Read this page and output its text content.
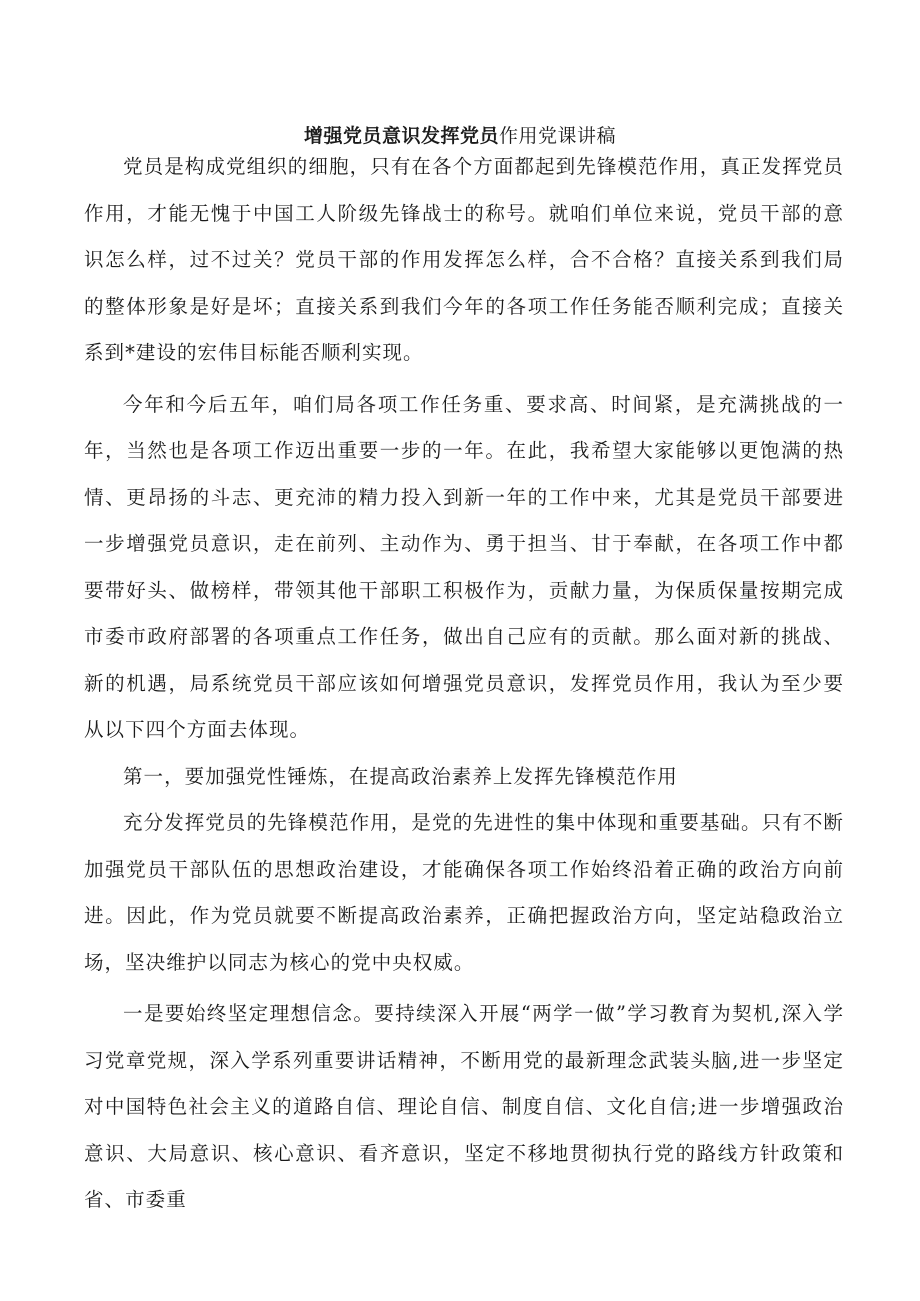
增强党员意识发挥党员作用党课讲稿

党员是构成党组织的细胞，只有在各个方面都起到先锋模范作用，真正发挥党员作用，才能无愧于中国工人阶级先锋战士的称号。就咱们单位来说，党员干部的意识怎么样，过不过关？党员干部的作用发挥怎么样，合不合格？直接关系到我们局的整体形象是好是坏；直接关系到我们今年的各项工作任务能否顺利完成；直接关系到*建设的宏伟目标能否顺利实现。

今年和今后五年，咱们局各项工作任务重、要求高、时间紧，是充满挑战的一年，当然也是各项工作迈出重要一步的一年。在此，我希望大家能够以更饱满的热情、更昂扬的斗志、更充沛的精力投入到新一年的工作中来，尤其是党员干部要进一步增强党员意识，走在前列、主动作为、勇于担当、甘于奉献，在各项工作中都要带好头、做榜样，带领其他干部职工积极作为，贡献力量，为保质保量按期完成市委市政府部署的各项重点工作任务，做出自己应有的贡献。那么面对新的挑战、新的机遇，局系统党员干部应该如何增强党员意识，发挥党员作用，我认为至少要从以下四个方面去体现。

第一，要加强党性锤炼，在提高政治素养上发挥先锋模范作用

充分发挥党员的先锋模范作用，是党的先进性的集中体现和重要基础。只有不断加强党员干部队伍的思想政治建设，才能确保各项工作始终沿着正确的政治方向前进。因此，作为党员就要不断提高政治素养，正确把握政治方向，坚定站稳政治立场，坚决维护以同志为核心的党中央权威。

一是要始终坚定理想信念。要持续深入开展“两学一做”学习教育为契机,深入学习党章党规，深入学系列重要讲话精神，不断用党的最新理念武装头脑,进一步坚定对中国特色社会主义的道路自信、理论自信、制度自信、文化自信;进一步增强政治意识、大局意识、核心意识、看齐意识，坚定不移地贯彻执行党的路线方针政策和省、市委重
